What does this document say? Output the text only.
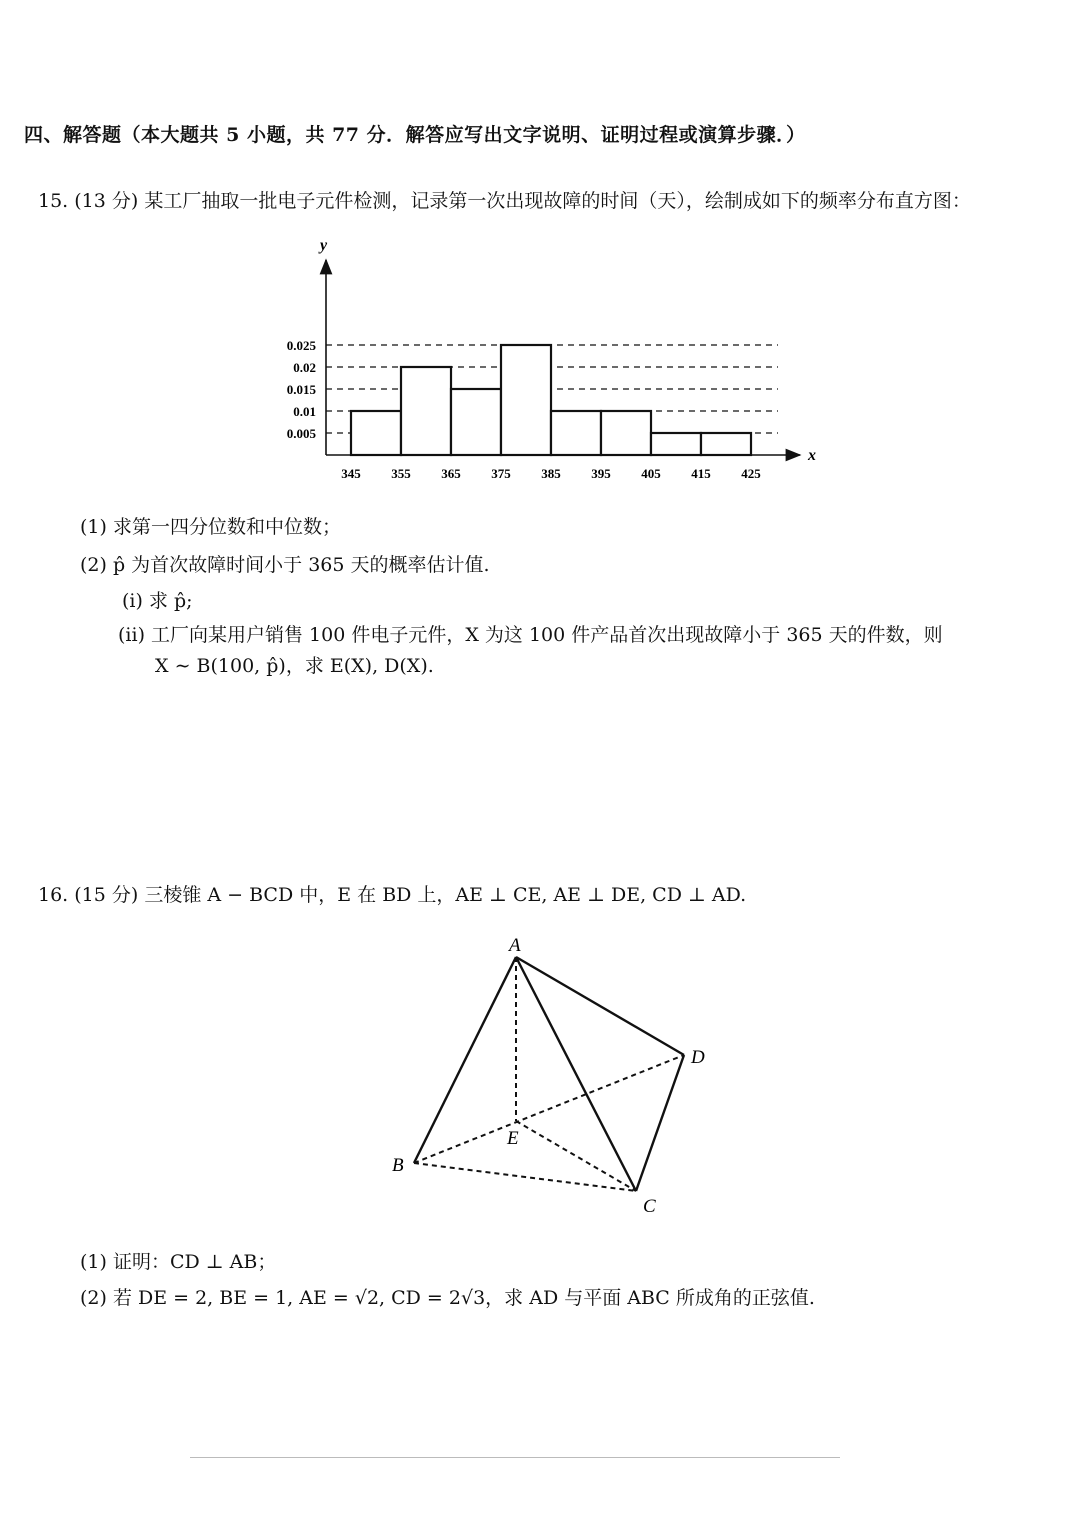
四、解答题（本大题共 5 小题，共 77 分．解答应写出文字说明、证明过程或演算步骤．）
15. (13 分) 某工厂抽取一批电子元件检测，记录第一次出现故障的时间（天），绘制成如下的频率分布直方图：
y
x
345 355 365 375 385 395 405 415 425
0.005
0.01
0.015
0.02
0.025
(1) 求第一四分位数和中位数；
(2) p̂ 为首次故障时间小于 365 天的概率估计值.
(i) 求 p̂;
(ii) 工厂向某用户销售 100 件电子元件，X 为这 100 件产品首次出现故障小于 365 天的件数，则
X ∼ B(100, p̂)，求 E(X), D(X).
16. (15 分) 三棱锥 A − BCD 中，E 在 BD 上，AE ⊥ CE, AE ⊥ DE, CD ⊥ AD.
A
B
C
D
E
(1) 证明：CD ⊥ AB；
(2) 若 DE = 2, BE = 1, AE = √2, CD = 2√3，求 AD 与平面 ABC 所成角的正弦值.
